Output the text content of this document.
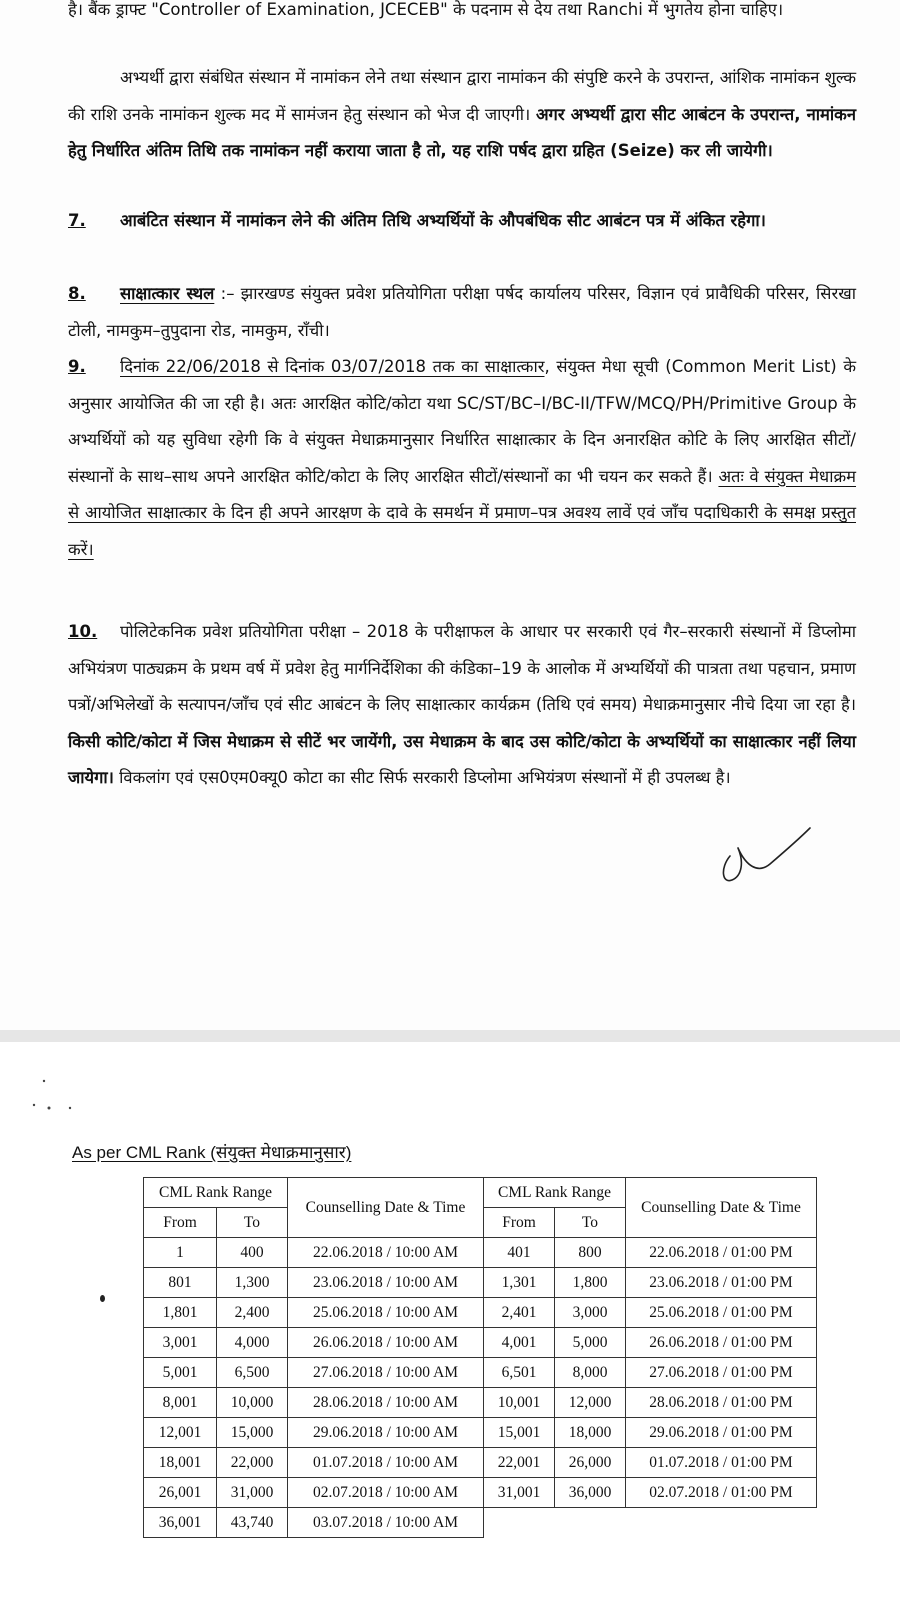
है। बैंक ड्राफ्ट "Controller of Examination, JCECEB" के पदनाम से देय तथा Ranchi में भुगतेय होना चाहिए।
अभ्यर्थी द्वारा संबंधित संस्थान में नामांकन लेने तथा संस्थान द्वारा नामांकन की संपुष्टि करने के उपरान्त, आंशिक नामांकन शुल्क की राशि उनके नामांकन शुल्क मद में सामंजन हेतु संस्थान को भेज दी जाएगी। अगर अभ्यर्थी द्वारा सीट आबंटन के उपरान्त, नामांकन हेतु निर्धारित अंतिम तिथि तक नामांकन नहीं कराया जाता है तो, यह राशि पर्षद द्वारा ग्रहित (Seize) कर ली जायेगी।
7. आबंटित संस्थान में नामांकन लेने की अंतिम तिथि अभ्यर्थियों के औपबंधिक सीट आबंटन पत्र में अंकित रहेगा।
8. साक्षात्कार स्थल :– झारखण्ड संयुक्त प्रवेश प्रतियोगिता परीक्षा पर्षद कार्यालय परिसर, विज्ञान एवं प्रावैधिकी परिसर, सिरखा टोली, नामकुम–तुपुदाना रोड, नामकुम, राँची।
9. दिनांक 22/06/2018 से दिनांक 03/07/2018 तक का साक्षात्कार, संयुक्त मेधा सूची (Common Merit List) के अनुसार आयोजित की जा रही है। अतः आरक्षित कोटि/कोटा यथा SC/ST/BC–I/BC-II/TFW/MCQ/PH/Primitive Group के अभ्यर्थियों को यह सुविधा रहेगी कि वे संयुक्त मेधाक्रमानुसार निर्धारित साक्षात्कार के दिन अनारक्षित कोटि के लिए आरक्षित सीटों/संस्थानों के साथ–साथ अपने आरक्षित कोटि/कोटा के लिए आरक्षित सीटों/संस्थानों का भी चयन कर सकते हैं। अतः वे संयुक्त मेधाक्रम से आयोजित साक्षात्कार के दिन ही अपने आरक्षण के दावे के समर्थन में प्रमाण–पत्र अवश्य लावें एवं जाँच पदाधिकारी के समक्ष प्रस्तुत करें।
10. पोलिटेकनिक प्रवेश प्रतियोगिता परीक्षा – 2018 के परीक्षाफल के आधार पर सरकारी एवं गैर–सरकारी संस्थानों में डिप्लोमा अभियंत्रण पाठ्यक्रम के प्रथम वर्ष में प्रवेश हेतु मार्गनिर्देशिका की कंडिका–19 के आलोक में अभ्यर्थियों की पात्रता तथा पहचान, प्रमाण पत्रों/अभिलेखों के सत्यापन/जाँच एवं सीट आबंटन के लिए साक्षात्कार कार्यक्रम (तिथि एवं समय) मेधाक्रमानुसार नीचे दिया जा रहा है। किसी कोटि/कोटा में जिस मेधाक्रम से सीटें भर जायेंगी, उस मेधाक्रम के बाद उस कोटि/कोटा के अभ्यर्थियों का साक्षात्कार नहीं लिया जायेगा। विकलांग एवं एस0एम0क्यू0 कोटा का सीट सिर्फ सरकारी डिप्लोमा अभियंत्रण संस्थानों में ही उपलब्ध है।
As per CML Rank (संयुक्त मेधाक्रमानुसार)
CML Rank Range		Counselling Date & Time	CML Rank Range		Counselling Date & Time
From	To		From	To	
1	400	22.06.2018 / 10:00 AM	401	800	22.06.2018 / 01:00 PM
801	1,300	23.06.2018 / 10:00 AM	1,301	1,800	23.06.2018 / 01:00 PM
1,801	2,400	25.06.2018 / 10:00 AM	2,401	3,000	25.06.2018 / 01:00 PM
3,001	4,000	26.06.2018 / 10:00 AM	4,001	5,000	26.06.2018 / 01:00 PM
5,001	6,500	27.06.2018 / 10:00 AM	6,501	8,000	27.06.2018 / 01:00 PM
8,001	10,000	28.06.2018 / 10:00 AM	10,001	12,000	28.06.2018 / 01:00 PM
12,001	15,000	29.06.2018 / 10:00 AM	15,001	18,000	29.06.2018 / 01:00 PM
18,001	22,000	01.07.2018 / 10:00 AM	22,001	26,000	01.07.2018 / 01:00 PM
26,001	31,000	02.07.2018 / 10:00 AM	31,001	36,000	02.07.2018 / 01:00 PM
36,001	43,740	03.07.2018 / 10:00 AM			
